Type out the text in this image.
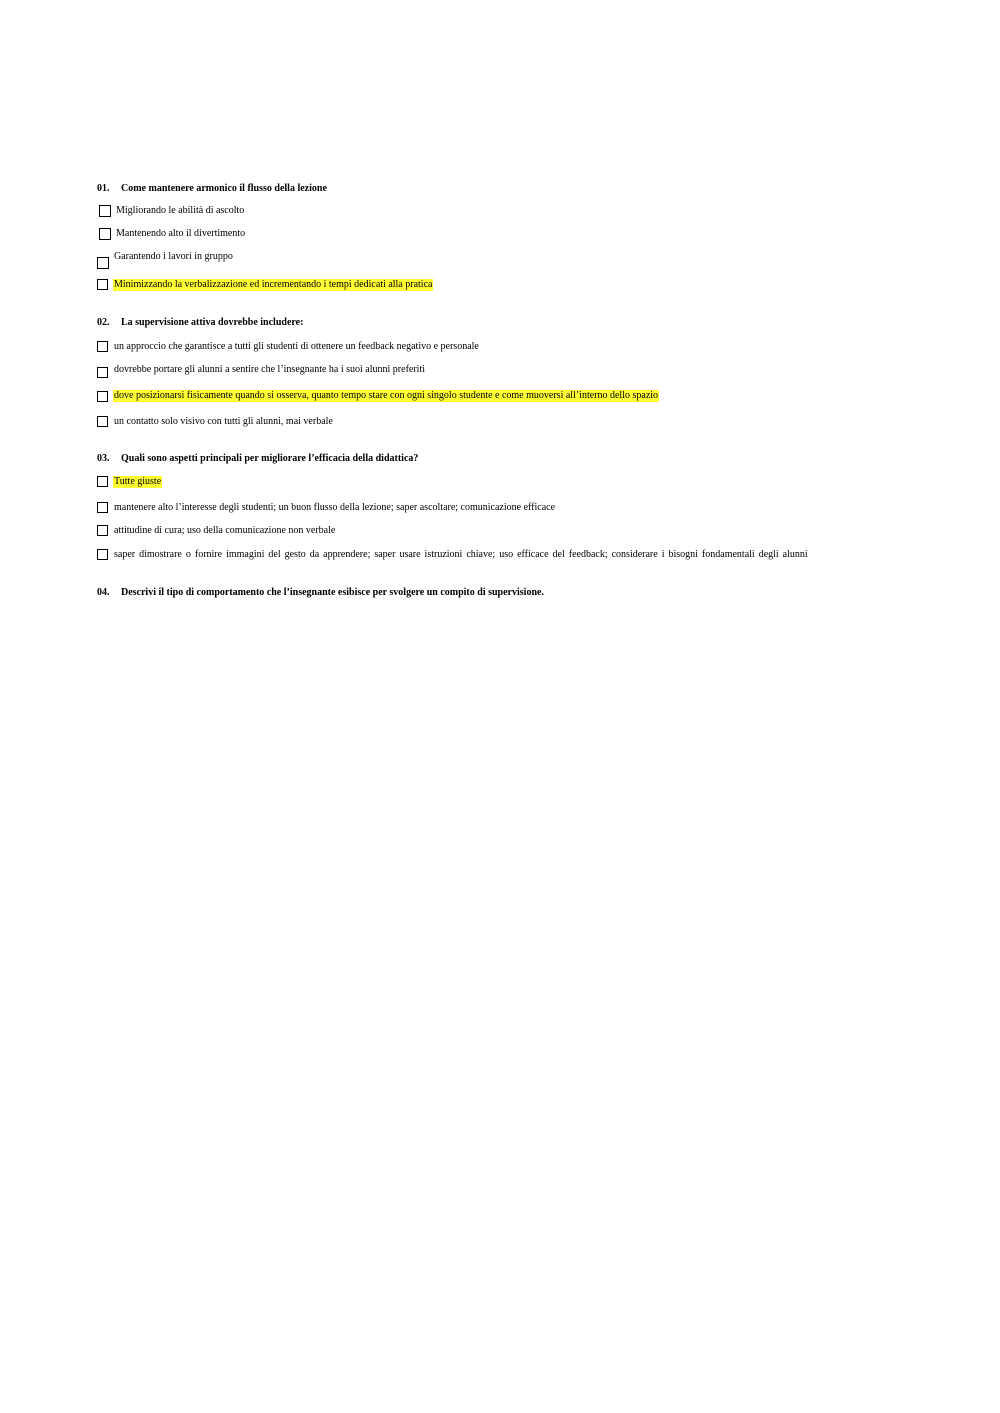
01. Come mantenere armonico il flusso della lezione
Migliorando le abilità di ascolto
Mantenendo alto il divertimento
Garantendo i lavori in gruppo
Minimizzando la verbalizzazione ed incrementando i tempi dedicati alla pratica
02. La supervisione attiva dovrebbe includere:
un approccio che garantisce a tutti gli studenti di ottenere un feedback negativo e personale
dovrebbe portare gli alunni a sentire che l’insegnante ha i suoi alunni preferiti
dove posizionarsi fisicamente quando si osserva, quanto tempo stare con ogni singolo studente e come muoversi all’interno dello spazio
un contatto solo visivo con tutti gli alunni, mai verbale
03. Quali sono aspetti principali per migliorare l’efficacia della didattica?
Tutte giuste
mantenere alto l’interesse degli studenti; un buon flusso della lezione; saper ascoltare; comunicazione efficace
attitudine di cura; uso della comunicazione non verbale
saper dimostrare o fornire immagini del gesto da apprendere; saper usare istruzioni chiave; uso efficace del feedback; considerare i bisogni fondamentali degli alunni
04. Descrivi il tipo di comportamento che l’insegnante esibisce per svolgere un compito di supervisione.
